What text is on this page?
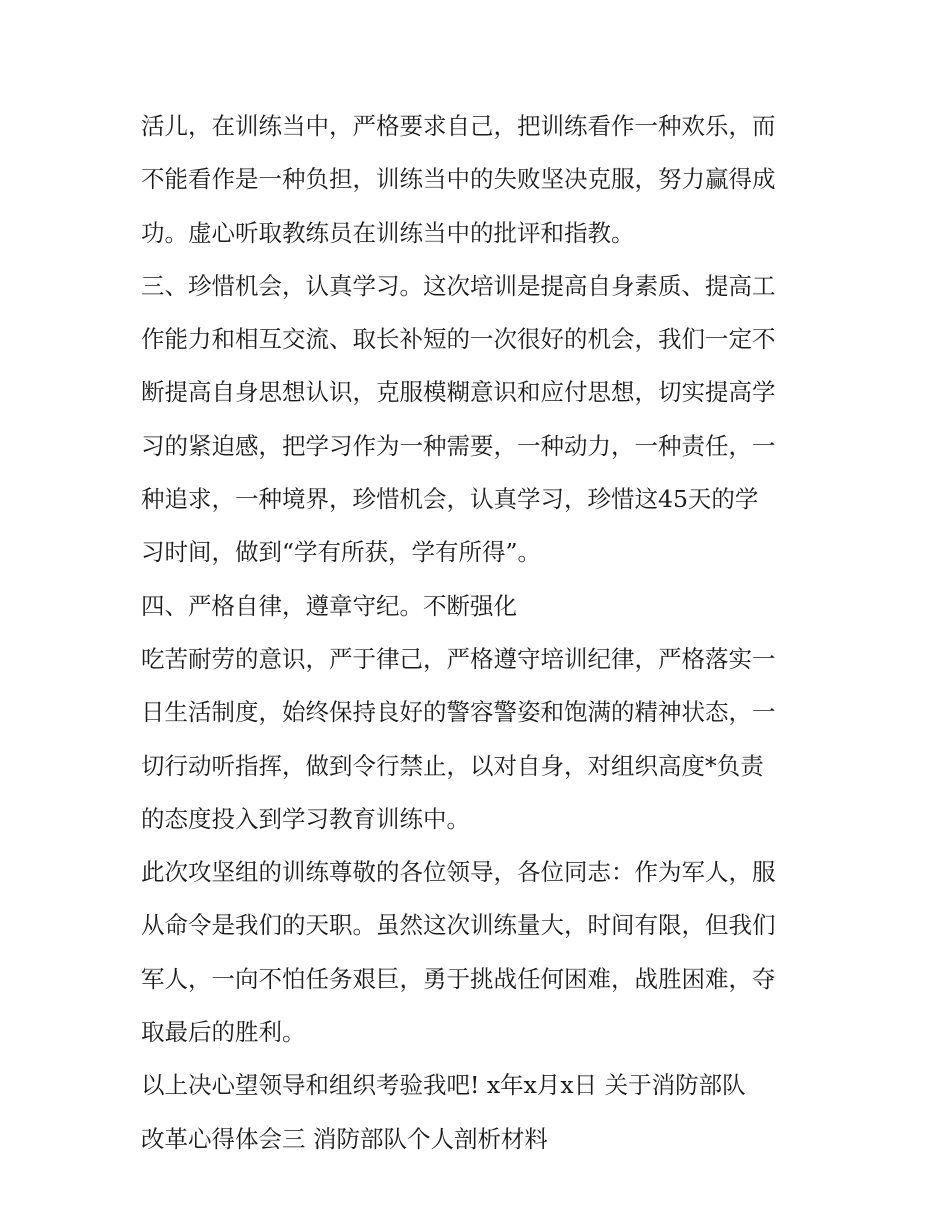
活儿，在训练当中，严格要求自己，把训练看作一种欢乐，而
不能看作是一种负担，训练当中的失败坚决克服，努力赢得成
功。虚心听取教练员在训练当中的批评和指教。
三、珍惜机会，认真学习。这次培训是提高自身素质、提高工
作能力和相互交流、取长补短的一次很好的机会，我们一定不
断提高自身思想认识，克服模糊意识和应付思想，切实提高学
习的紧迫感，把学习作为一种需要，一种动力，一种责任，一
种追求，一种境界，珍惜机会，认真学习，珍惜这45天的学
习时间，做到“学有所获，学有所得”。
四、严格自律，遵章守纪。不断强化
吃苦耐劳的意识，严于律己，严格遵守培训纪律，严格落实一
日生活制度，始终保持良好的警容警姿和饱满的精神状态，一
切行动听指挥，做到令行禁止，以对自身，对组织高度*负责
的态度投入到学习教育训练中。
此次攻坚组的训练尊敬的各位领导，各位同志：作为军人，服
从命令是我们的天职。虽然这次训练量大，时间有限，但我们
军人，一向不怕任务艰巨，勇于挑战任何困难，战胜困难，夺
取最后的胜利。
以上决心望领导和组织考验我吧! x年x月x日 关于消防部队
改革心得体会三 消防部队个人剖析材料
